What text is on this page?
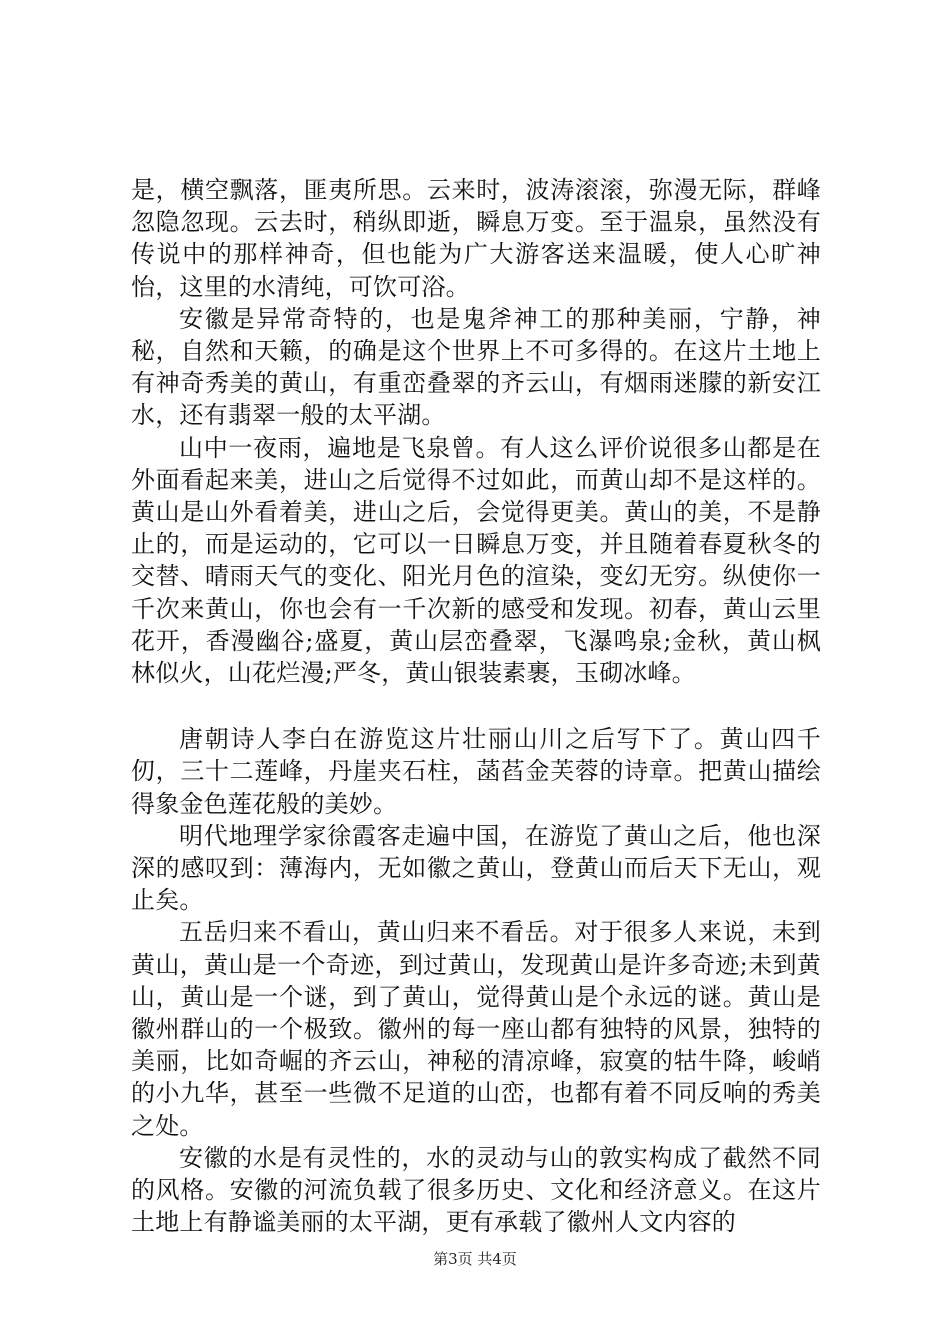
是，横空飘落，匪夷所思。云来时，波涛滚滚，弥漫无际，群峰忽隐忽现。云去时，稍纵即逝，瞬息万变。至于温泉，虽然没有传说中的那样神奇，但也能为广大游客送来温暖，使人心旷神怡，这里的水清纯，可饮可浴。

安徽是异常奇特的，也是鬼斧神工的那种美丽，宁静，神秘，自然和天籁，的确是这个世界上不可多得的。在这片土地上有神奇秀美的黄山，有重峦叠翠的齐云山，有烟雨迷朦的新安江水，还有翡翠一般的太平湖。

山中一夜雨，遍地是飞泉曾。有人这么评价说很多山都是在外面看起来美，进山之后觉得不过如此，而黄山却不是这样的。黄山是山外看着美，进山之后，会觉得更美。黄山的美，不是静止的，而是运动的，它可以一日瞬息万变，并且随着春夏秋冬的交替、晴雨天气的变化、阳光月色的渲染，变幻无穷。纵使你一千次来黄山，你也会有一千次新的感受和发现。初春，黄山云里花开，香漫幽谷;盛夏，黄山层峦叠翠，飞瀑鸣泉;金秋，黄山枫林似火，山花烂漫;严冬，黄山银装素裹，玉砌冰峰。

唐朝诗人李白在游览这片壮丽山川之后写下了。黄山四千仞，三十二莲峰，丹崖夹石柱，菡萏金芙蓉的诗章。把黄山描绘得象金色莲花般的美妙。

明代地理学家徐霞客走遍中国，在游览了黄山之后，他也深深的感叹到：薄海内，无如徽之黄山，登黄山而后天下无山，观止矣。

五岳归来不看山，黄山归来不看岳。对于很多人来说，未到黄山，黄山是一个奇迹，到过黄山，发现黄山是许多奇迹;未到黄山，黄山是一个谜，到了黄山，觉得黄山是个永远的谜。黄山是徽州群山的一个极致。徽州的每一座山都有独特的风景，独特的美丽，比如奇崛的齐云山，神秘的清凉峰，寂寞的牯牛降，峻峭的小九华，甚至一些微不足道的山峦，也都有着不同反响的秀美之处。

安徽的水是有灵性的，水的灵动与山的敦实构成了截然不同的风格。安徽的河流负载了很多历史、文化和经济意义。在这片土地上有静谧美丽的太平湖，更有承载了徽州人文内容的

第3页 共4页
